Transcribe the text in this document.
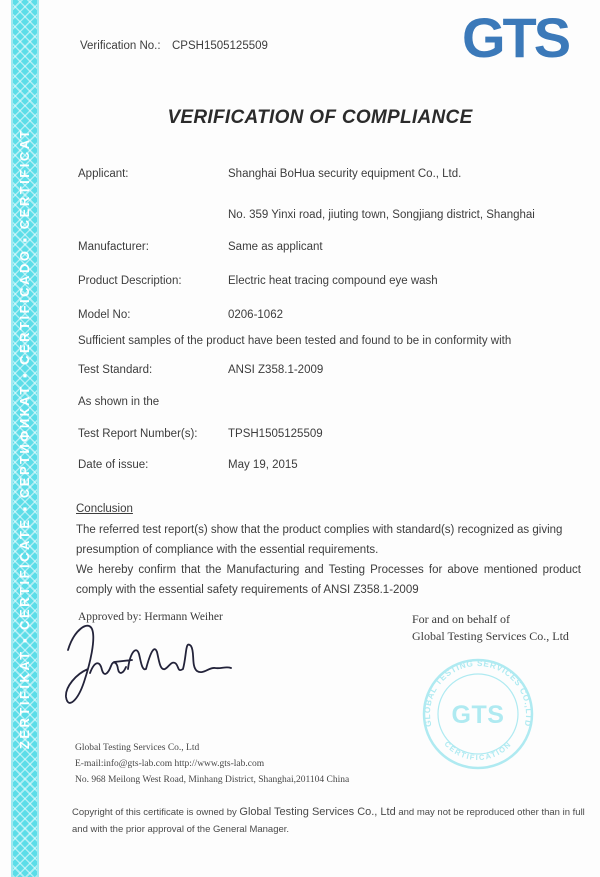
ZERTIFIKAT ▪ CERTIFICATE ▪ СЕРТИФИКАТ ▪ CERTIFICADO ▪ CERTIFICAT
Verification No.: CPSH1505125509	GTS
VERIFICATION OF COMPLIANCE
Applicant:	Shanghai BoHua security equipment Co., Ltd.
No. 359 Yinxi road, jiuting town, Songjiang district, Shanghai
Manufacturer:	Same as applicant
Product Description:	Electric heat tracing compound eye wash
Model No:	0206-1062
Sufficient samples of the product have been tested and found to be in conformity with
Test Standard:	ANSI Z358.1-2009
As shown in the
Test Report Number(s):	TPSH1505125509
Date of issue:	May 19, 2015
Conclusion
The referred test report(s) show that the product complies with standard(s) recognized as giving
presumption of compliance with the essential requirements.
We hereby confirm that the Manufacturing and Testing Processes for above mentioned product
comply with the essential safety requirements of ANSI Z358.1-2009
Approved by: Hermann Weiher	For and on behalf of
Global Testing Services Co., Ltd
GLOBAL TESTING SERVICES CO.,LTD
CERTIFICATION
GTS
Global Testing Services Co., Ltd
E-mail:info@gts-lab.com http://www.gts-lab.com
No. 968 Meilong West Road, Minhang District, Shanghai,201104 China
Copyright of this certificate is owned by Global Testing Services Co., Ltd and may not be reproduced other than in full and with the prior approval of the General Manager.
